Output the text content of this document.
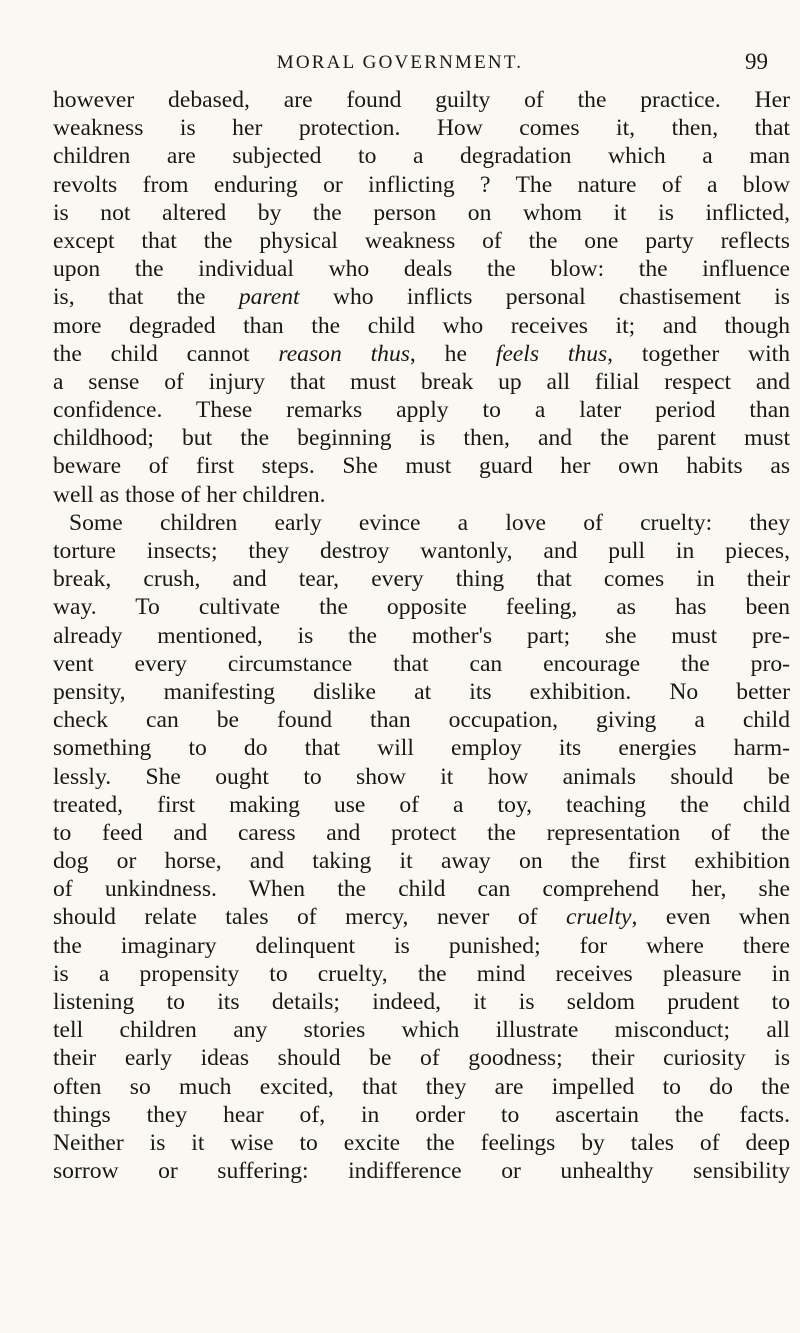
MORAL GOVERNMENT.	99
however debased, are found guilty of the practice. Her
weakness is her protection. How comes it, then, that
children are subjected to a degradation which a man
revolts from enduring or inflicting ? The nature of a blow
is not altered by the person on whom it is inflicted,
except that the physical weakness of the one party reflects
upon the individual who deals the blow: the influence
is, that the parent who inflicts personal chastisement is
more degraded than the child who receives it; and though
the child cannot reason thus, he feels thus, together with
a sense of injury that must break up all filial respect and
confidence. These remarks apply to a later period than
childhood; but the beginning is then, and the parent must
beware of first steps. She must guard her own habits as
well as those of her children.
Some children early evince a love of cruelty: they
torture insects; they destroy wantonly, and pull in pieces,
break, crush, and tear, every thing that comes in their
way. To cultivate the opposite feeling, as has been
already mentioned, is the mother's part; she must pre-
vent every circumstance that can encourage the pro-
pensity, manifesting dislike at its exhibition. No better
check can be found than occupation, giving a child
something to do that will employ its energies harm-
lessly. She ought to show it how animals should be
treated, first making use of a toy, teaching the child
to feed and caress and protect the representation of the
dog or horse, and taking it away on the first exhibition
of unkindness. When the child can comprehend her, she
should relate tales of mercy, never of cruelty, even when
the imaginary delinquent is punished; for where there
is a propensity to cruelty, the mind receives pleasure in
listening to its details; indeed, it is seldom prudent to
tell children any stories which illustrate misconduct; all
their early ideas should be of goodness; their curiosity is
often so much excited, that they are impelled to do the
things they hear of, in order to ascertain the facts.
Neither is it wise to excite the feelings by tales of deep
sorrow or suffering: indifference or unhealthy sensibility
